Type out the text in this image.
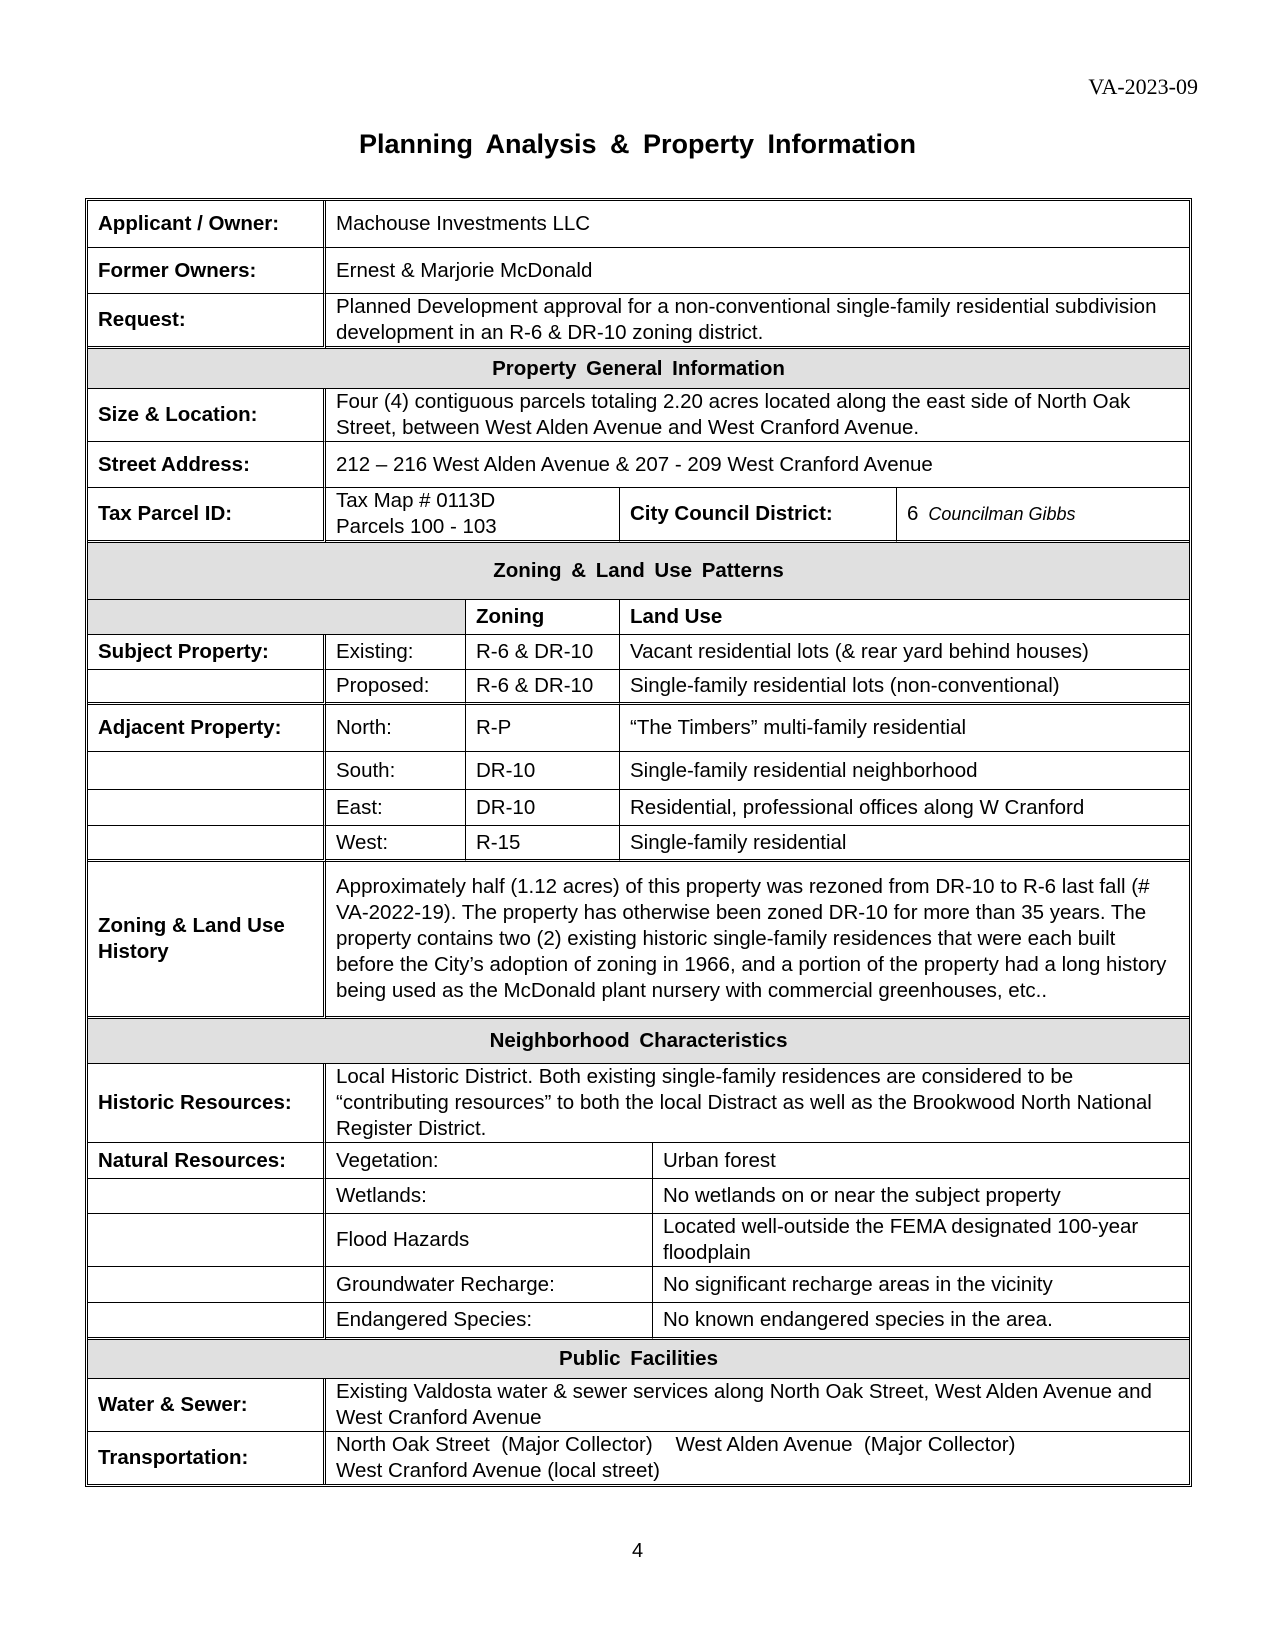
VA-2023-09
Planning Analysis & Property Information
Applicant / Owner:	Machouse Investments LLC				
Former Owners:	Ernest & Marjorie McDonald				
Request:	Planned Development approval for a non-conventional single-family residential subdivision development in an R-6 & DR-10 zoning district.				
Property General Information					
Size & Location:	Four (4) contiguous parcels totaling 2.20 acres located along the east side of North Oak Street, between West Alden Avenue and West Cranford Avenue.				
Street Address:	212 – 216 West Alden Avenue & 207 - 209 West Cranford Avenue				
Tax Parcel ID:	Tax Map # 0113D
Parcels 100 - 103		City Council District:		6 Councilman Gibbs
Zoning & Land Use Patterns					
		Zoning	Land Use		
Subject Property:	Existing:	R-6 & DR-10	Vacant residential lots (& rear yard behind houses)		
	Proposed:	R-6 & DR-10	Single-family residential lots (non-conventional)		
Adjacent Property:	North:	R-P	“The Timbers” multi-family residential		
	South:	DR-10	Single-family residential neighborhood		
	East:	DR-10	Residential, professional offices along W Cranford		
	West:	R-15	Single-family residential		
Zoning & Land Use History	Approximately half (1.12 acres) of this property was rezoned from DR-10 to R-6 last fall (# VA-2022-19). The property has otherwise been zoned DR-10 for more than 35 years. The property contains two (2) existing historic single-family residences that were each built before the City’s adoption of zoning in 1966, and a portion of the property had a long history being used as the McDonald plant nursery with commercial greenhouses, etc..				
Neighborhood Characteristics					
Historic Resources:	Local Historic District. Both existing single-family residences are considered to be “contributing resources” to both the local Distract as well as the Brookwood North National Register District.				
Natural Resources:	Vegetation:			Urban forest	
	Wetlands:			No wetlands on or near the subject property	
	Flood Hazards			Located well-outside the FEMA designated 100-year floodplain	
	Groundwater Recharge:			No significant recharge areas in the vicinity	
	Endangered Species:			No known endangered species in the area.	
Public Facilities					
Water & Sewer:	Existing Valdosta water & sewer services along North Oak Street, West Alden Avenue and West Cranford Avenue				
Transportation:	North Oak Street  (Major Collector)    West Alden Avenue  (Major Collector)
West Cranford Avenue (local street)				
4
